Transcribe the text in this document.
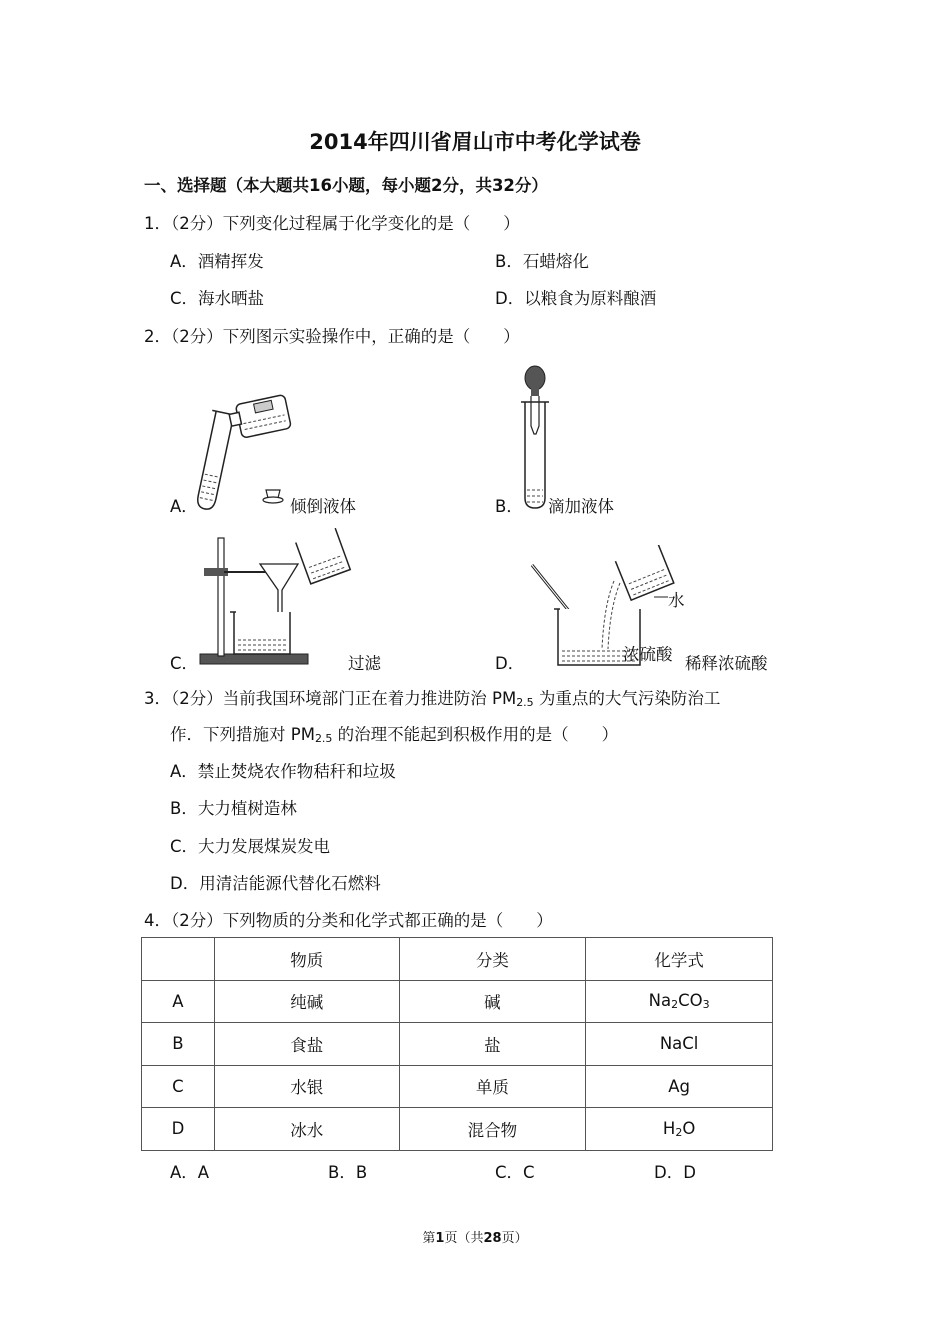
2014年四川省眉山市中考化学试卷
一、选择题（本大题共16小题，每小题2分，共32分）
1．（2分）下列变化过程属于化学变化的是（　　）
A．酒精挥发	B．石蜡熔化
C．海水晒盐	D．以粮食为原料酿酒
2．（2分）下列图示实验操作中，正确的是（　　）
A．	倾倒液体	B． 滴加液体
C．	过滤	D．
水
浓硫酸 稀释浓硫酸
3．（2分）当前我国环境部门正在着力推进防治 $PM_{2.5}$ 为重点的大气污染防治工
作．下列措施对 $PM_{2.5}$ 的治理不能起到积极作用的是（　　）
A．禁止焚烧农作物秸秆和垃圾
B．大力植树造林
C．大力发展煤炭发电
D．用清洁能源代替化石燃料
4．（2分）下列物质的分类和化学式都正确的是（　　）
	物质	分类	化学式
A	纯碱	碱	$Na_2CO_3$
B	食盐	盐	NaCl
C	水银	单质	Ag
D	冰水	混合物	$H_2O$
A．A	B．B	C．C	D．D
第1页（共28页）
